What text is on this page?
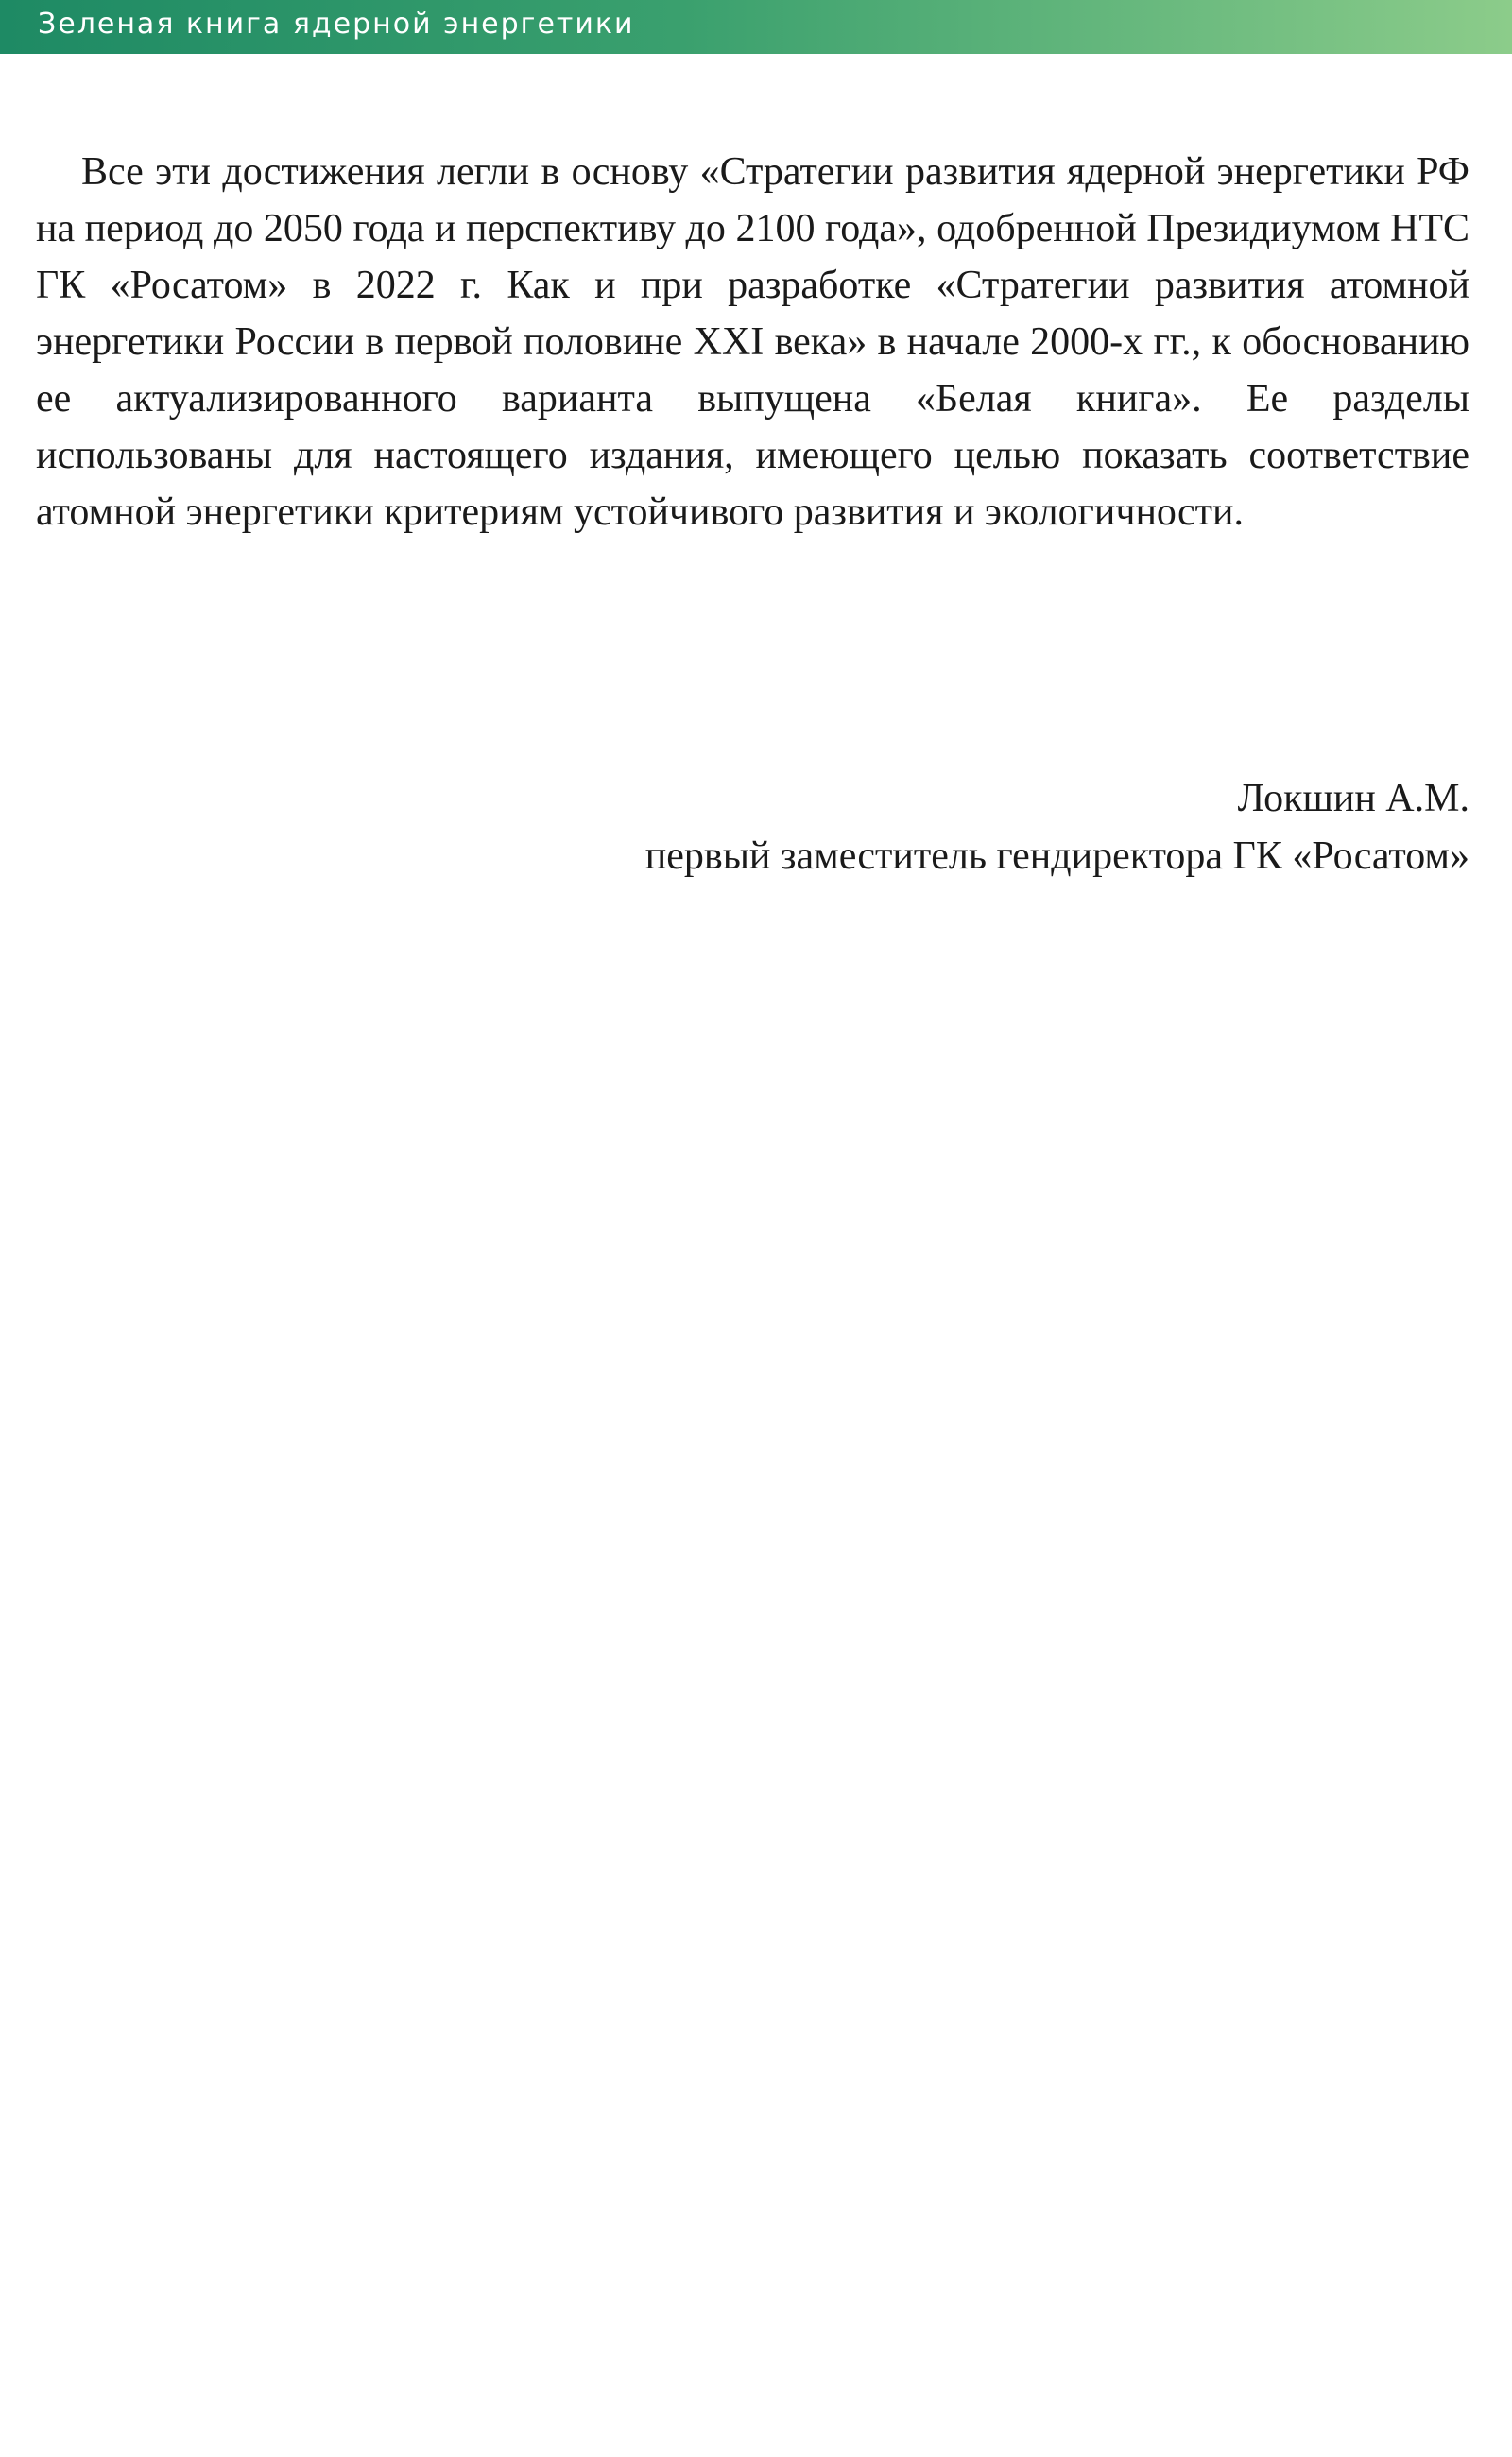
Зеленая книга ядерной энергетики

Все эти достижения легли в основу «Стратегии развития ядерной энергетики РФ на период до 2050 года и перспективу до 2100 года», одобренной Президиумом НТС ГК «Росатом» в 2022 г. Как и при разработке «Стратегии развития атомной энергетики России в первой половине XXI века» в начале 2000-х гг., к обоснованию ее актуализированного варианта выпущена «Белая книга». Ее разделы использованы для настоящего издания, имеющего целью показать соответствие атомной энергетики критериям устойчивого развития и экологичности.

Локшин А.М.
первый заместитель гендиректора ГК «Росатом»
